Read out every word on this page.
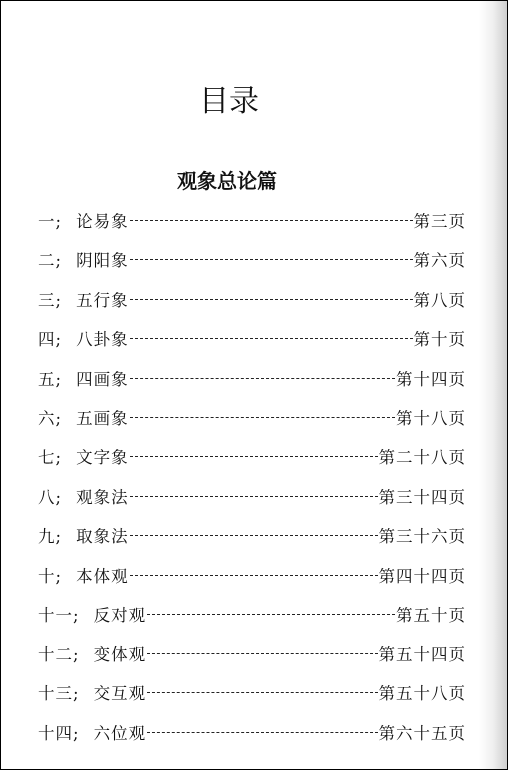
目录
观象总论篇
一; 论易象	第三页
二; 阴阳象	第六页
三; 五行象	第八页
四; 八卦象	第十页
五; 四画象	第十四页
六; 五画象	第十八页
七; 文字象	第二十八页
八; 观象法	第三十四页
九; 取象法	第三十六页
十; 本体观	第四十四页
十一; 反对观	第五十页
十二; 变体观	第五十四页
十三; 交互观	第五十八页
十四; 六位观	第六十五页
